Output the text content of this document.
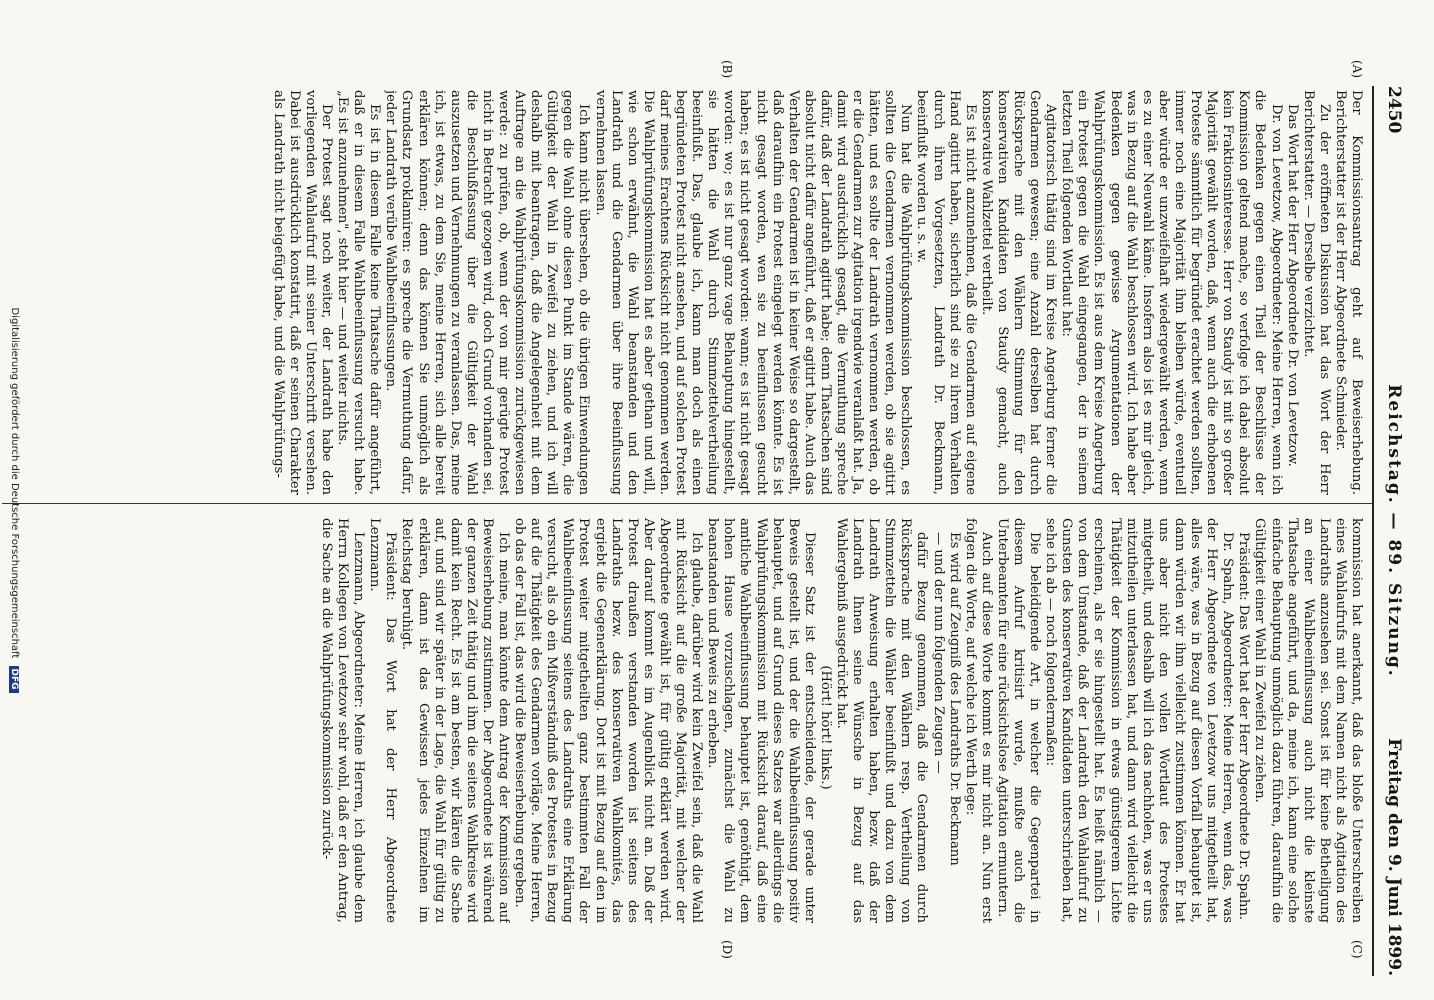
2450
Reichstag. — 89. Sitzung.
Freitag den 9. Juni 1899.
(A)
(B)
(C)
(D)

Der Kommissionsantrag geht auf Beweiserhebung. Berichterstatter ist der Herr Abgeordnete Schmieder.

Zu der eröffneten Diskussion hat das Wort der Herr Berichterstatter. — Derselbe verzichtet.

Das Wort hat der Herr Abgeordnete Dr. von Levetzow.

Dr. von Levetzow, Abgeordneter: Meine Herren, wenn ich die Bedenken gegen einen Theil der Beschlüsse der Kommission geltend mache, so verfolge ich dabei absolut kein Fraktionsinteresse. Herr von Staudy ist mit so großer Majorität gewählt worden, daß, wenn auch die erhobenen Proteste sämmtlich für begründet erachtet werden sollten, immer noch eine Majorität ihm bleiben würde, eventuell aber würde er unzweifelhaft wiedergewählt werden, wenn es zu einer Neuwahl käme. Insofern also ist es mir gleich, was in Bezug auf die Wahl beschlossen wird. Ich habe aber Bedenken gegen gewisse Argumentationen der Wahlprüfungskommission. Es ist aus dem Kreise Angerburg ein Protest gegen die Wahl eingegangen, der in seinem letzten Theil folgenden Wortlaut hat:

Agitatorisch thätig sind im Kreise Angerburg ferner die Gendarmen gewesen; eine Anzahl derselben hat durch Rücksprache mit den Wählern Stimmung für den konservativen Kandidaten von Staudy gemacht, auch konservative Wahlzettel vertheilt.

Es ist nicht anzunehmen, daß die Gendarmen auf eigene Hand agitirt haben, sicherlich sind sie zu ihrem Verhalten durch ihren Vorgesetzten, Landrath Dr. Beckmann, beeinflußt worden u. s. w.

Nun hat die Wahlprüfungskommission beschlossen, es sollten die Gendarmen vernommen werden, ob sie agitirt hätten, und es sollte der Landrath vernommen werden, ob er die Gendarmen zur Agitation irgendwie veranlaßt hat. Ja, damit wird ausdrücklich gesagt, die Vermuthung spreche dafür, daß der Landrath agitirt habe; denn Thatsachen sind absolut nicht dafür angeführt, daß er agitirt habe. Auch das Verhalten der Gendarmen ist in keiner Weise so dargestellt, daß daraufhin ein Protest eingelegt werden könnte. Es ist nicht gesagt worden, wen sie zu beeinflussen gesucht haben; es ist nicht gesagt worden: wann; es ist nicht gesagt worden: wo; es ist nur ganz vage Behauptung hingestellt, sie hätten die Wahl durch Stimmzettelvertheilung beeinflußt. Das, glaube ich, kann man doch als einen begründeten Protest nicht ansehen, und auf solchen Protest darf meines Erachtens Rücksicht nicht genommen werden. Die Wahlprüfungskommission hat es aber gethan und will, wie schon erwähnt, die Wahl beanstanden und den Landrath und die Gendarmen über ihre Beeinflussung vernehmen lassen.

Ich kann nicht übersehen, ob die übrigen Einwendungen gegen die Wahl ohne diesen Punkt im Stande wären, die Gültigkeit der Wahl in Zweifel zu ziehen, und ich will deshalb mit beantragen, daß die Angelegenheit mit dem Auftrage an die Wahlprüfungskommission zurückgewiesen werde: zu prüfen, ob, wenn der von mir gerügte Protest nicht in Betracht gezogen wird, doch Grund vorhanden sei, die Beschlußfassung über die Gültigkeit der Wahl auszusetzen und Vernehmungen zu veranlassen. Das, meine ich, ist etwas, zu dem Sie, meine Herren, sich alle bereit erklären können; denn das können Sie unmöglich als Grundsatz proklamiren: es spreche die Vermuthung dafür, jeder Landrath verübe Wahlbeeinflussungen.

Es ist in diesem Falle keine Thatsache dafür angeführt, daß er in diesem Falle Wahlbeeinflussung versucht habe. „Es ist anzunehmen", steht hier — und weiter nichts.

Der Protest sagt noch weiter, der Landrath habe den vorliegenden Wahlaufruf mit seiner Unterschrift versehen. Dabei ist ausdrücklich konstatirt, daß er seinen Charakter als Landrath nicht beigefügt habe, und die Wahlprüfungs-

kommission hat anerkannt, daß das bloße Unterschreiben eines Wahlaufrufs mit dem Namen nicht als Agitation des Landraths anzusehen sei. Sonst ist für keine Betheiligung an einer Wahlbeeinflussung auch nicht die kleinste Thatsache angeführt, und da, meine ich, kann eine solche einfache Behauptung unmöglich dazu führen, daraufhin die Gültigkeit einer Wahl in Zweifel zu ziehen.

Präsident: Das Wort hat der Herr Abgeordnete Dr. Spahn.

Dr. Spahn, Abgeordneter: Meine Herren, wenn das, was der Herr Abgeordnete von Levetzow uns mitgetheilt hat, alles wäre, was in Bezug auf diesen Vorfall behauptet ist, dann würden wir ihm vielleicht zustimmen können. Er hat uns aber nicht den vollen Wortlaut des Protestes mitgetheilt, und deshalb will ich das nachholen, was er uns mitzutheilen unterlassen hat, und dann wird vielleicht die Thätigkeit der Kommission in etwas günstigerem Lichte erscheinen, als er sie hingestellt hat. Es heißt nämlich — von dem Umstande, daß der Landrath den Wahlaufruf zu Gunsten des konservativen Kandidaten unterschrieben hat, sehe ich ab — noch folgendermaßen:

Die beleidigende Art, in welcher die Gegenpartei in diesem Aufruf kritisirt wurde, mußte auch die Unterbeamten für eine rücksichtslose Agitation ermuntern.

Auch auf diese Worte kommt es mir nicht an. Nun erst folgen die Worte, auf welche ich Werth lege:

Es wird auf Zeugniß des Landraths Dr. Beckmann

— und der nun folgenden Zeugen —

dafür Bezug genommen, daß die Gendarmen durch Rücksprache mit den Wählern resp. Vertheilung von Stimmzetteln die Wähler beeinflußt und dazu von dem Landrath Anweisung erhalten haben, bezw. daß der Landrath Ihnen seine Wünsche in Bezug auf das Wahlergebniß ausgedrückt hat.

(Hört! hört! links.)

Dieser Satz ist der entscheidende, der gerade unter Beweis gestellt ist, und der die Wahlbeeinflussung positiv behauptet, und auf Grund dieses Satzes war allerdings die Wahlprüfungskommission mit Rücksicht darauf, daß eine amtliche Wahlbeeinflussung behauptet ist, genöthigt, dem hohen Hause vorzuschlagen, zunächst die Wahl zu beanstanden und Beweis zu erheben.

Ich glaube, darüber wird kein Zweifel sein, daß die Wahl mit Rücksicht auf die große Majorität, mit welcher der Abgeordnete gewählt ist, für gültig erklärt werden wird. Aber darauf kommt es im Augenblick nicht an. Daß der Protest draußen verstanden worden ist seitens des Landraths bezw. des konservativen Wahlkomités, das ergiebt die Gegenerklärung. Dort ist mit Bezug auf den im Protest weiter mitgetheilten ganz bestimmten Fall der Wahlbeeinflussung seitens des Landraths eine Erklärung versucht, als ob ein Mißverständniß des Protestes in Bezug auf die Thätigkeit des Gendarmen vorläge. Meine Herren, ob das der Fall ist, das wird die Beweiserhebung ergeben.

Ich meine, man könnte dem Antrag der Kommission auf Beweiserhebung zustimmen. Der Abgeordnete ist während der ganzen Zeit thätig und ihm die seitens Wahlkreise wird damit kein Recht. Es ist am besten, wir klären die Sache auf, und sind wir später in der Lage, die Wahl für gültig zu erklären, dann ist das Gewissen jedes Einzelnen im Reichstag beruhigt.

Präsident: Das Wort hat der Herr Abgeordnete Lenzmann.

Lenzmann, Abgeordneter: Meine Herren, ich glaube dem Herrn Kollegen von Levetzow sehr wohl, daß er den Antrag, die Sache an die Wahlprüfungskommission zurück-

Digitalisierung gefördert durch die Deutsche Forschungsgemeinschaft DFG
